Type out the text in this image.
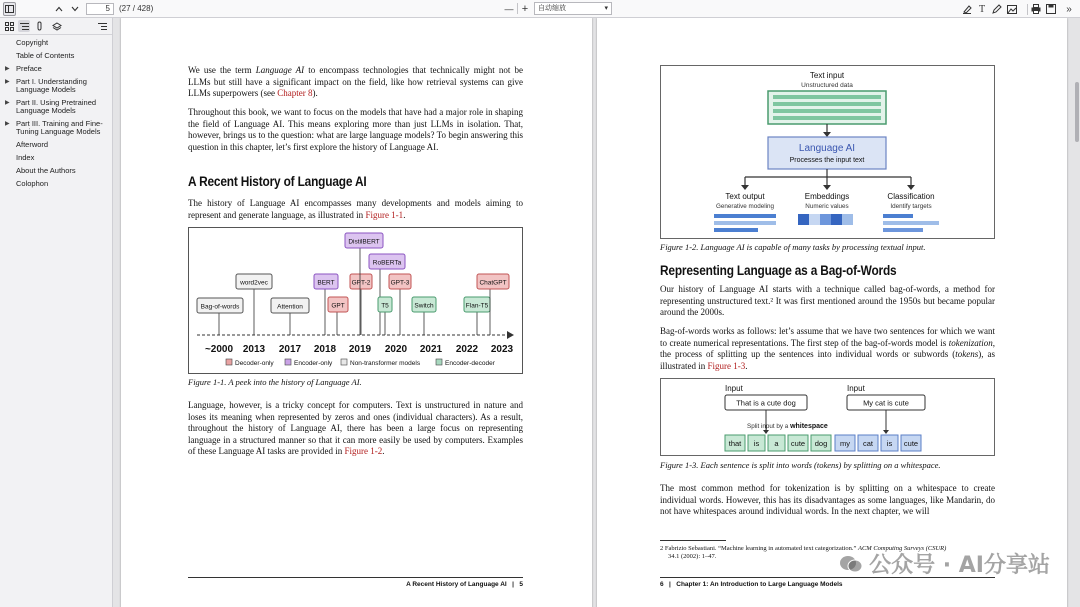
5	(27 / 428)	— +	自动缩放	▾	T	»
Copyright
Table of Contents
▶ Preface
▶ Part I. Understanding Language Models
▶ Part II. Using Pretrained Language Models
▶ Part III. Training and Fine-Tuning Language Models
Afterword
Index
About the Authors
Colophon
We use the term Language AI to encompass technologies that technically might not be LLMs but still have a significant impact on the field, like how retrieval systems can give LLMs superpowers (see Chapter 8).
Throughout this book, we want to focus on the models that have had a major role in shaping the field of Language AI. This means exploring more than just LLMs in isolation. That, however, brings us to the question: what are large language models? To begin answering this question in this chapter, let’s first explore the history of Language AI.
A Recent History of Language AI
The history of Language AI encompasses many developments and models aiming to represent and generate language, as illustrated in Figure 1-1.
~2000 2013 2017 2018 2019 2020 2021 2022 2023
Bag-of-words
word2vec
Attention
BERT
GPT
GPT-2
DistilBERT
RoBERTa
T5
GPT-3
Switch	Flan-T5
ChatGPT
Decoder-only	Encoder-only	Non-transformer models	Encoder-decoder
Figure 1-1. A peek into the history of Language AI.
Language, however, is a tricky concept for computers. Text is unstructured in nature and loses its meaning when represented by zeros and ones (individual characters). As a result, throughout the history of Language AI, there has been a large focus on representing language in a structured manner so that it can more easily be used by computers. Examples of these Language AI tasks are provided in Figure 1-2.
A Recent History of Language AI   |   5
Text input
Unstructured data
Language AI
Processes the input text
Text output
Generative modeling
Embeddings
Numeric values
Classification
Identify targets
Figure 1-2. Language AI is capable of many tasks by processing textual input.
Representing Language as a Bag-of-Words
Our history of Language AI starts with a technique called bag-of-words, a method for representing unstructured text.² It was first mentioned around the 1950s but became popular around the 2000s.
Bag-of-words works as follows: let’s assume that we have two sentences for which we want to create numerical representations. The first step of the bag-of-words model is tokenization, the process of splitting up the sentences into individual words or subwords (tokens), as illustrated in Figure 1-3.
Input	Input
That is a cute dog	My cat is cute
Split input by a whitespace
that is a cute dog my cat is cute
Figure 1-3. Each sentence is split into words (tokens) by splitting on a whitespace.
The most common method for tokenization is by splitting on a whitespace to create individual words. However, this has its disadvantages as some languages, like Mandarin, do not have whitespaces around individual words. In the next chapter, we will
2 Fabrizio Sebastiani. “Machine learning in automated text categorization.” ACM Computing Surveys (CSUR)
34.1 (2002): 1–47.
6   |   Chapter 1: An Introduction to Large Language Models
公众号 · AI分享站
